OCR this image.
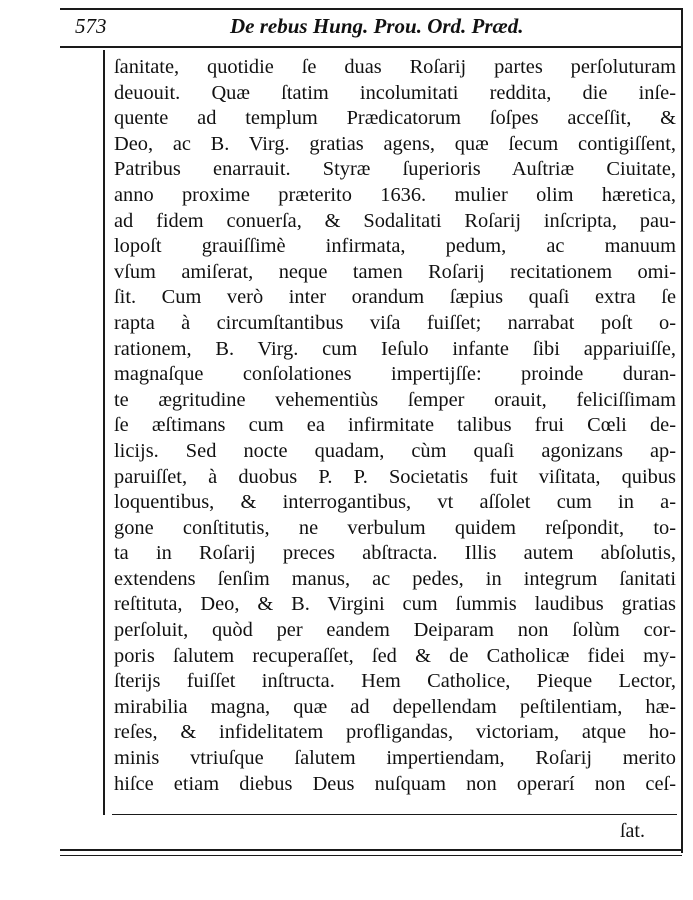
573	De rebus Hung. Prou. Ord. Præd.
ſanitate, quotidie ſe duas Roſarij partes perſoluturam
deuouit. Quæ ſtatim incolumitati reddita, die inſe-
quente ad templum Prædicatorum ſoſpes acceſſit, &
Deo, ac B. Virg. gratias agens, quæ ſecum contigiſſent,
Patribus enarrauit. Styræ ſuperioris Auſtriæ Ciuitate,
anno proxime præterito 1636. mulier olim hæretica,
ad fidem conuerſa, & Sodalitati Roſarij inſcripta, pau-
lopoſt grauiſſimè infirmata, pedum, ac manuum
vſum amiſerat, neque tamen Roſarij recitationem omi-
ſit. Cum verò inter orandum ſæpius quaſi extra ſe
rapta à circumſtantibus viſa fuiſſet; narrabat poſt o-
rationem, B. Virg. cum Ieſulo infante ſibi appariuiſſe,
magnaſque conſolationes impertijſſe: proinde duran-
te ægritudine vehementiùs ſemper orauit, feliciſſimam
ſe æſtimans cum ea infirmitate talibus frui Cœli de-
licijs. Sed nocte quadam, cùm quaſi agonizans ap-
paruiſſet, à duobus P. P. Societatis fuit viſitata, quibus
loquentibus, & interrogantibus, vt aſſolet cum in a-
gone conſtitutis, ne verbulum quidem reſpondit, to-
ta in Roſarij preces abſtracta. Illis autem abſolutis,
extendens ſenſim manus, ac pedes, in integrum ſanitati
reſtituta, Deo, & B. Virgini cum ſummis laudibus gratias
perſoluit, quòd per eandem Deiparam non ſolùm cor-
poris ſalutem recuperaſſet, ſed & de Catholicæ fidei my-
ſterijs fuiſſet inſtructa. Hem Catholice, Pieque Lector,
mirabilia magna, quæ ad depellendam peſtilentiam, hæ-
reſes, & infidelitatem profligandas, victoriam, atque ho-
minis vtriuſque ſalutem impertiendam, Roſarij merito
hiſce etiam diebus Deus nuſquam non operarí non ceſ-
ſat.
